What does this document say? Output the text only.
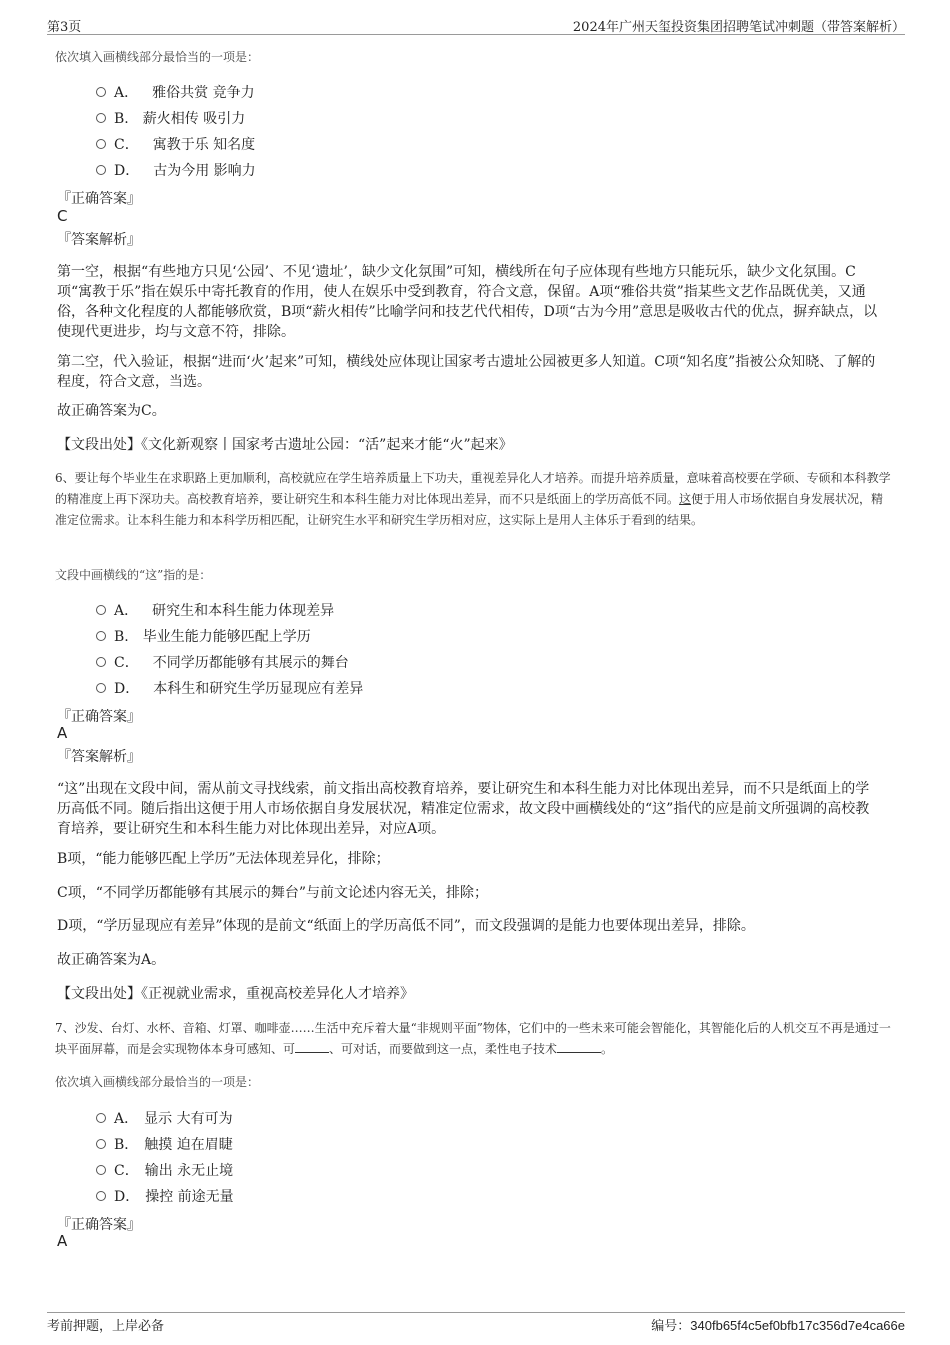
第3页	2024年广州天玺投资集团招聘笔试冲刺题（带答案解析）
依次填入画横线部分最恰当的一项是：
A． 雅俗共赏 竞争力
B. 薪火相传 吸引力
C． 寓教于乐 知名度
D． 古为今用 影响力
『正确答案』
C
『答案解析』
第一空，根据“有些地方只见‘公园’、不见‘遗址’，缺少文化氛围”可知，横线所在句子应体现有些地方只能玩乐，缺少文化氛围。C项“寓教于乐”指在娱乐中寄托教育的作用，使人在娱乐中受到教育，符合文意，保留。A项“雅俗共赏”指某些文艺作品既优美，又通俗，各种文化程度的人都能够欣赏，B项“薪火相传”比喻学问和技艺代代相传，D项“古为今用”意思是吸收古代的优点，摒弃缺点，以使现代更进步，均与文意不符，排除。
第二空，代入验证，根据“进而‘火’起来”可知，横线处应体现让国家考古遗址公园被更多人知道。C项“知名度”指被公众知晓、了解的程度，符合文意，当选。
故正确答案为C。
【文段出处】《文化新观察丨国家考古遗址公园：“活”起来才能“火”起来》
6、要让每个毕业生在求职路上更加顺利，高校就应在学生培养质量上下功夫，重视差异化人才培养。而提升培养质量，意味着高校要在学硕、专硕和本科教学的精准度上再下深功夫。高校教育培养，要让研究生和本科生能力对比体现出差异，而不只是纸面上的学历高低不同。这便于用人市场依据自身发展状况，精准定位需求。让本科生能力和本科学历相匹配，让研究生水平和研究生学历相对应，这实际上是用人主体乐于看到的结果。
文段中画横线的“这”指的是：
A． 研究生和本科生能力体现差异
B. 毕业生能力能够匹配上学历
C． 不同学历都能够有其展示的舞台
D． 本科生和研究生学历显现应有差异
『正确答案』
A
『答案解析』
“这”出现在文段中间，需从前文寻找线索，前文指出高校教育培养，要让研究生和本科生能力对比体现出差异，而不只是纸面上的学历高低不同。随后指出这便于用人市场依据自身发展状况，精准定位需求，故文段中画横线处的“这”指代的应是前文所强调的高校教育培养，要让研究生和本科生能力对比体现出差异，对应A项。
B项，“能力能够匹配上学历”无法体现差异化，排除；
C项，“不同学历都能够有其展示的舞台”与前文论述内容无关，排除；
D项，“学历显现应有差异”体现的是前文“纸面上的学历高低不同”，而文段强调的是能力也要体现出差异，排除。
故正确答案为A。
【文段出处】《正视就业需求，重视高校差异化人才培养》
7、沙发、台灯、水杯、音箱、灯罩、咖啡壶……生活中充斥着大量“非规则平面”物体，它们中的一些未来可能会智能化，其智能化后的人机交互不再是通过一块平面屏幕，而是会实现物体本身可感知、可	、可对话，而要做到这一点，柔性电子技术	。
依次填入画横线部分最恰当的一项是：
A． 显示 大有可为
B． 触摸 迫在眉睫
C． 输出 永无止境
D． 操控 前途无量
『正确答案』
A
考前押题，上岸必备	编号：340fb65f4c5ef0bfb17c356d7e4ca66e
